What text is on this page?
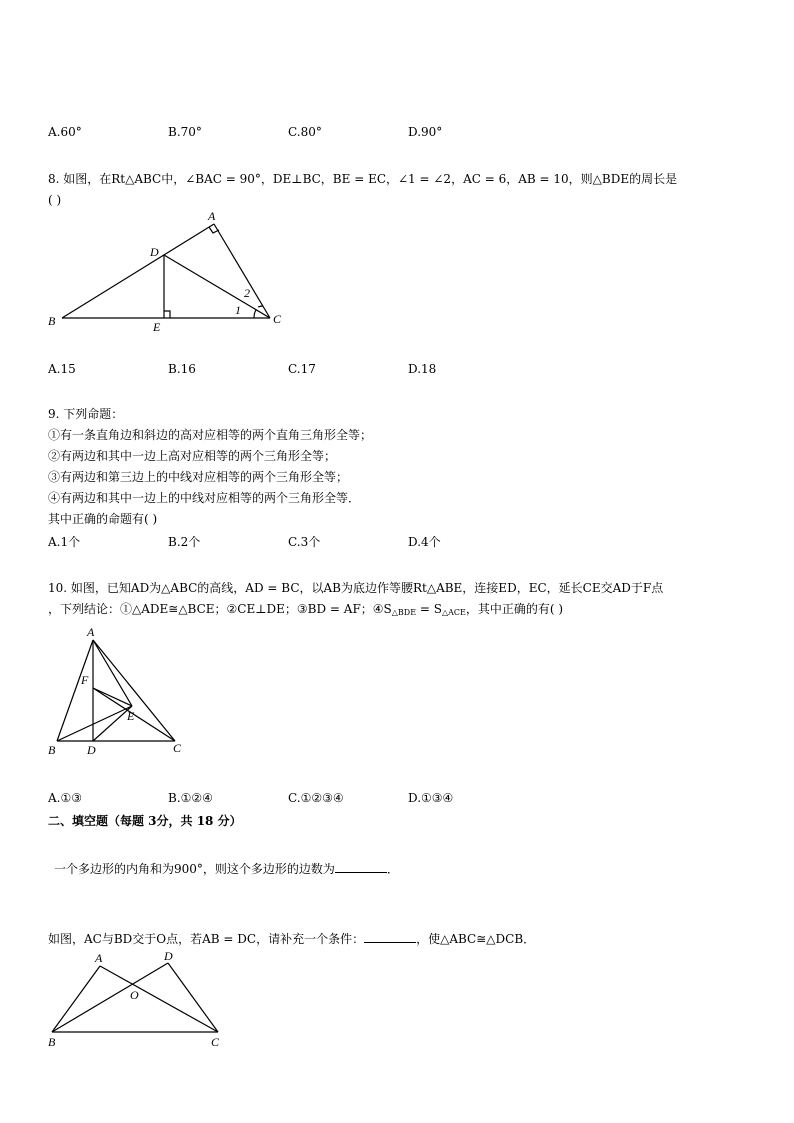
A.60°	B.70°	C.80°	D.90°
8. 如图，在Rt△ABC中，∠BAC = 90°，DE⊥BC，BE = EC，∠1 = ∠2，AC = 6，AB = 10，则△BDE的周长是
( )
A
D
B	E
C
1
2
A.15	B.16	C.17	D.18
9. 下列命题：
①有一条直角边和斜边的高对应相等的两个直角三角形全等；
②有两边和其中一边上高对应相等的两个三角形全等；
③有两边和第三边上的中线对应相等的两个三角形全等；
④有两边和其中一边上的中线对应相等的两个三角形全等．
其中正确的命题有( )
A.1个	B.2个	C.3个	D.4个
10. 如图，已知AD为△ABC的高线，AD = BC，以AB为底边作等腰Rt△ABE，连接ED，EC，延长CE交AD于F点
，下列结论：①△ADE≅△BCE；②CE⊥DE；③BD = AF；$④S_{\triangle BDE} = S_{\triangle ACE}$，其中正确的有( )
A
F
E
B	D	C
A.①③	B.①②④	C.①②③④	D.①③④
二、填空题（每题 3分，共 18 分）
一个多边形的内角和为900°，则这个多边形的边数为	．
如图，AC与BD交于O点，若AB = DC，请补充一个条件：	，使△ABC≅△DCB．
A	D
O
B	C
